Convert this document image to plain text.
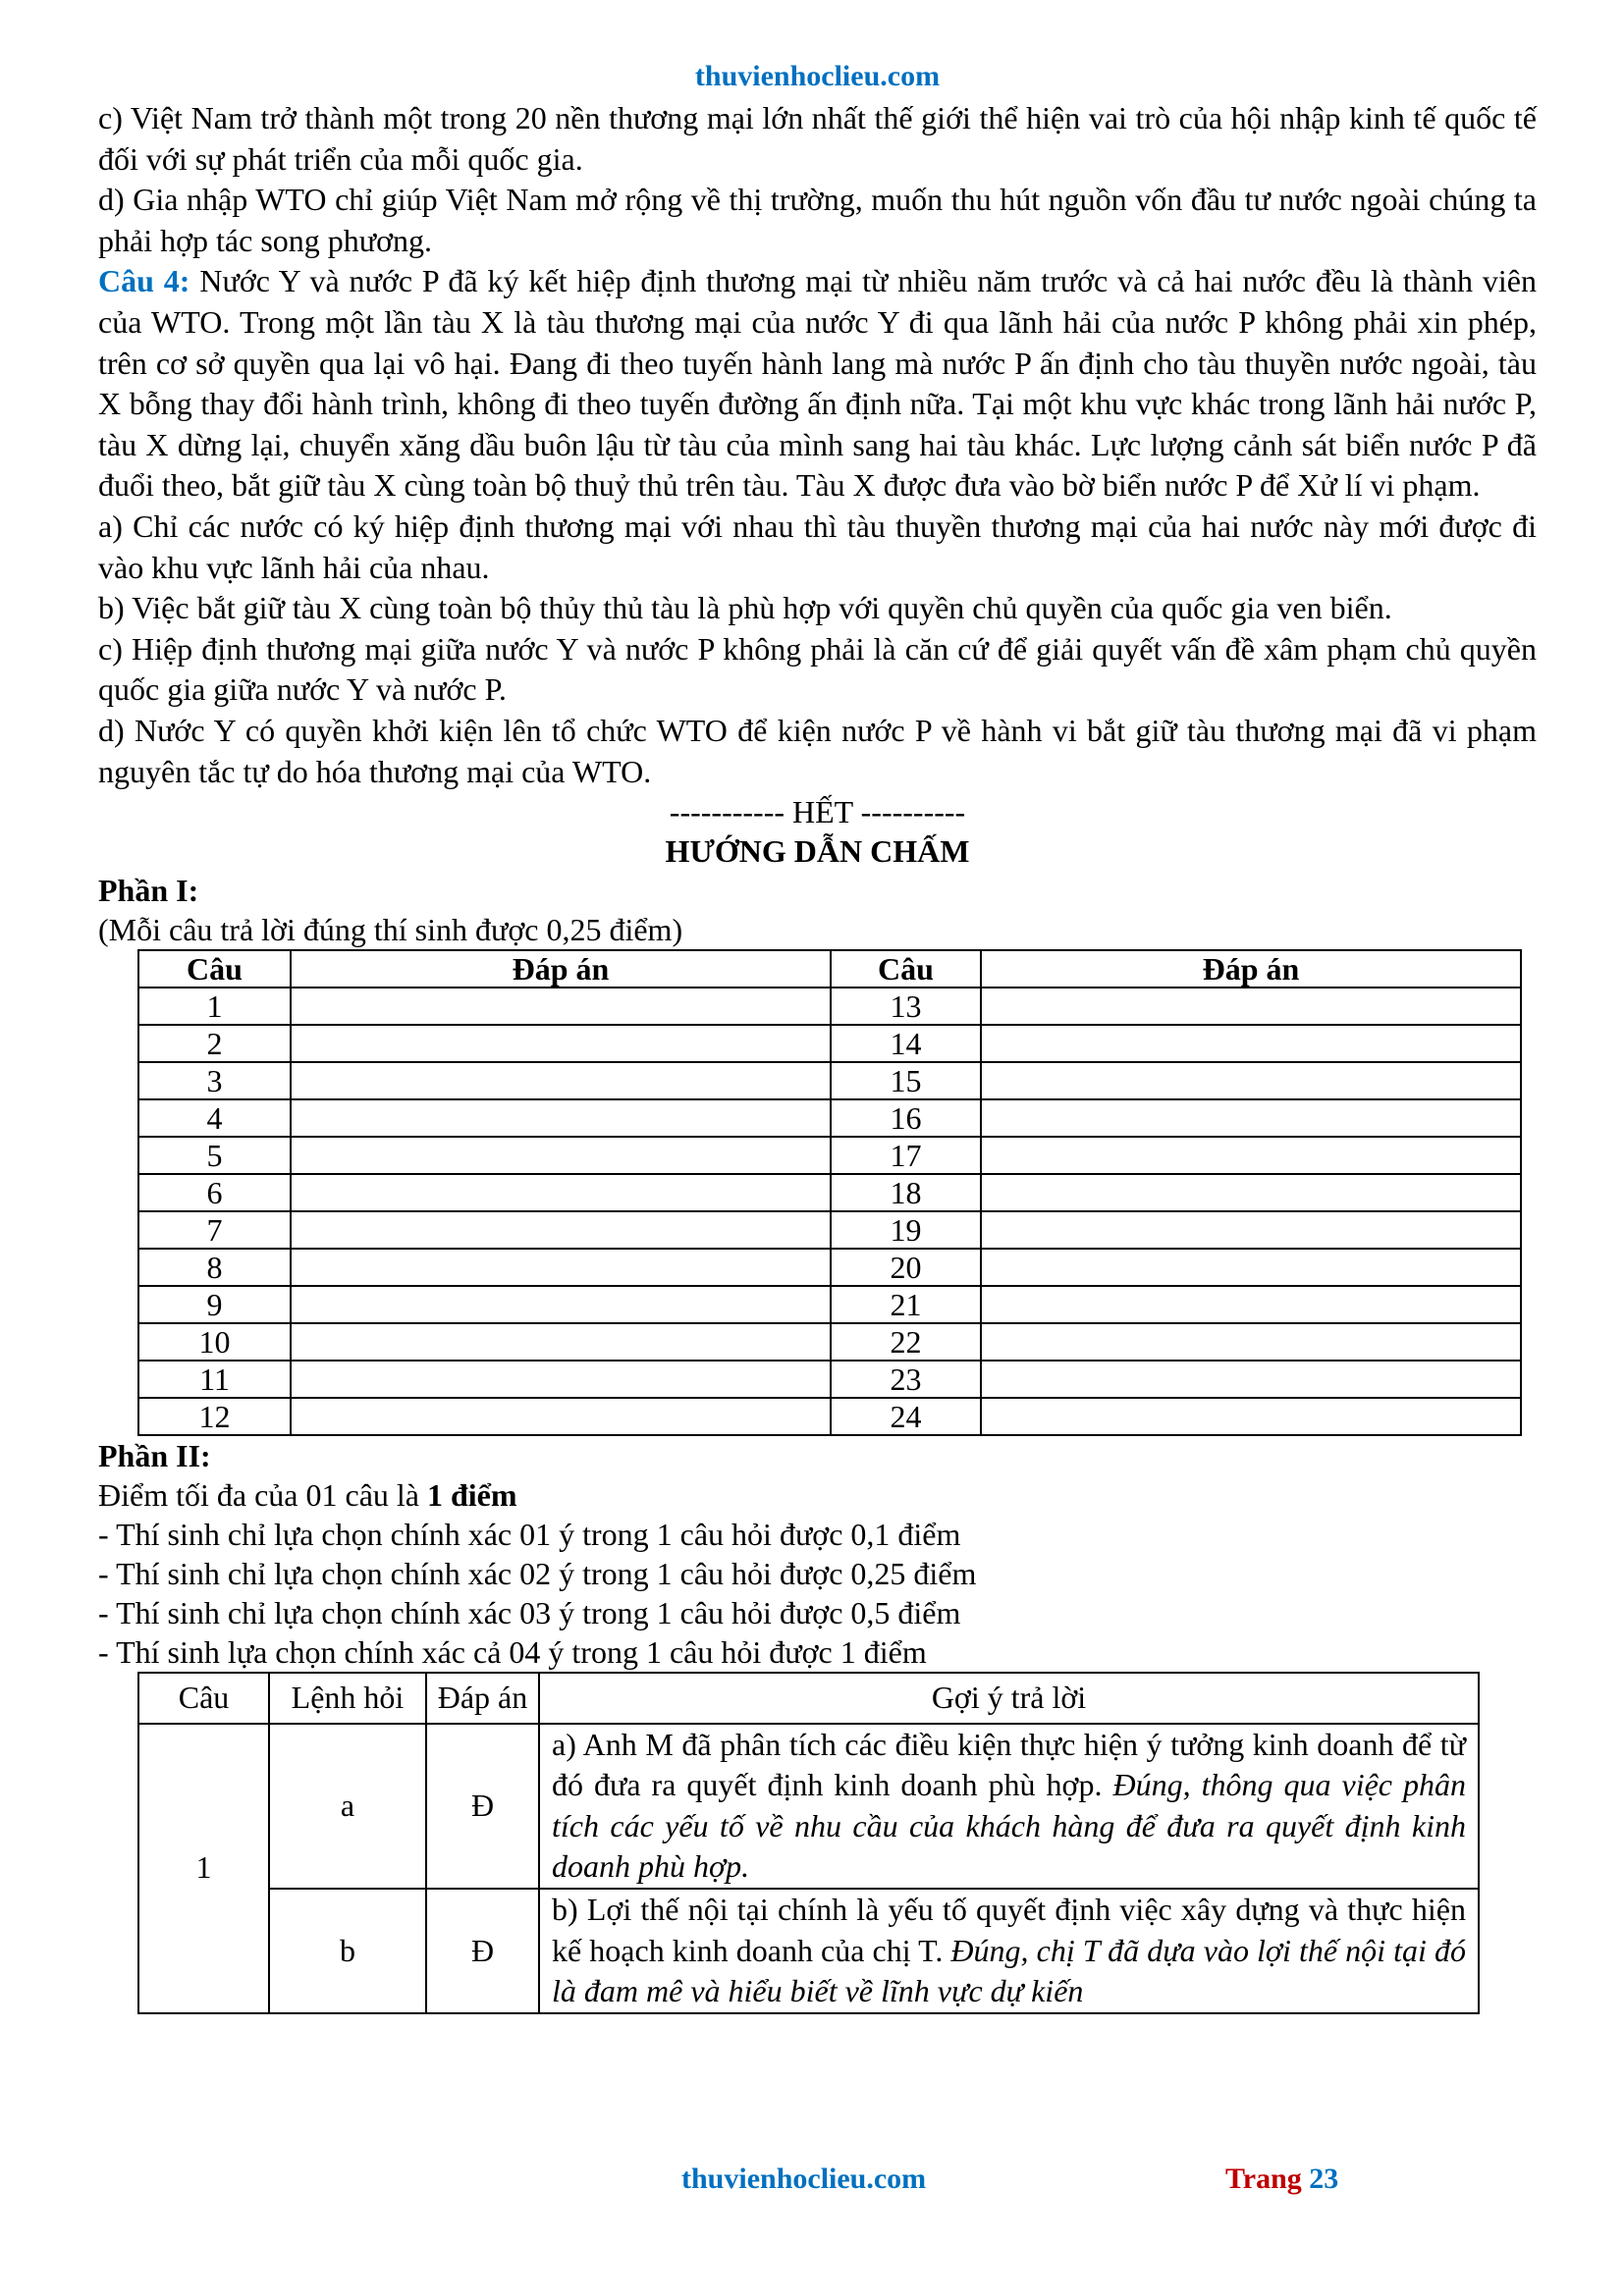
thuvienhoclieu.com

c) Việt Nam trở thành một trong 20 nền thương mại lớn nhất thế giới thể hiện vai trò của hội nhập kinh tế quốc tế đối với sự phát triển của mỗi quốc gia.

d) Gia nhập WTO chỉ giúp Việt Nam mở rộng về thị trường, muốn thu hút nguồn vốn đầu tư nước ngoài chúng ta phải hợp tác song phương.

Câu 4: Nước Y và nước P đã ký kết hiệp định thương mại từ nhiều năm trước và cả hai nước đều là thành viên của WTO. Trong một lần tàu X là tàu thương mại của nước Y đi qua lãnh hải của nước P không phải xin phép, trên cơ sở quyền qua lại vô hại. Đang đi theo tuyến hành lang mà nước P ấn định cho tàu thuyền nước ngoài, tàu X bỗng thay đổi hành trình, không đi theo tuyến đường ấn định nữa. Tại một khu vực khác trong lãnh hải nước P, tàu X dừng lại, chuyển xăng dầu buôn lậu từ tàu của mình sang hai tàu khác. Lực lượng cảnh sát biển nước P đã đuổi theo, bắt giữ tàu X cùng toàn bộ thuỷ thủ trên tàu. Tàu X được đưa vào bờ biển nước P để Xử lí vi phạm.

a) Chỉ các nước có ký hiệp định thương mại với nhau thì tàu thuyền thương mại của hai nước này mới được đi vào khu vực lãnh hải của nhau.

b) Việc bắt giữ tàu X cùng toàn bộ thủy thủ tàu là phù hợp với quyền chủ quyền của quốc gia ven biển.

c) Hiệp định thương mại giữa nước Y và nước P không phải là căn cứ để giải quyết vấn đề xâm phạm chủ quyền quốc gia giữa nước Y và nước P.

d) Nước Y có quyền khởi kiện lên tổ chức WTO để kiện nước P về hành vi bắt giữ tàu thương mại đã vi phạm nguyên tắc tự do hóa thương mại của WTO.

----------- HẾT ----------

HƯỚNG DẪN CHẤM

Phần I:

(Mỗi câu trả lời đúng thí sinh được 0,25 điểm)

Câu	Đáp án	Câu	Đáp án
1		13	
2		14	
3		15	
4		16	
5		17	
6		18	
7		19	
8		20	
9		21	
10		22	
11		23	
12		24	

Phần II:

Điểm tối đa của 01 câu là 1 điểm

- Thí sinh chỉ lựa chọn chính xác 01 ý trong 1 câu hỏi được 0,1 điểm

- Thí sinh chỉ lựa chọn chính xác 02 ý trong 1 câu hỏi được 0,25 điểm

- Thí sinh chỉ lựa chọn chính xác 03 ý trong 1 câu hỏi được 0,5 điểm

- Thí sinh lựa chọn chính xác cả 04 ý trong 1 câu hỏi được 1 điểm

Câu	Lệnh hỏi	Đáp án	Gợi ý trả lời
1	a	Đ	a) Anh M đã phân tích các điều kiện thực hiện ý tưởng kinh doanh để từ đó đưa ra quyết định kinh doanh phù hợp. Đúng, thông qua việc phân tích các yếu tố về nhu cầu của khách hàng để đưa ra quyết định kinh doanh phù hợp.
	b	Đ	b) Lợi thế nội tại chính là yếu tố quyết định việc xây dựng và thực hiện kế hoạch kinh doanh của chị T. Đúng, chị T đã dựa vào lợi thế nội tại đó là đam mê và hiểu biết về lĩnh vực dự kiến
thuvienhoclieu.com	Trang 23
